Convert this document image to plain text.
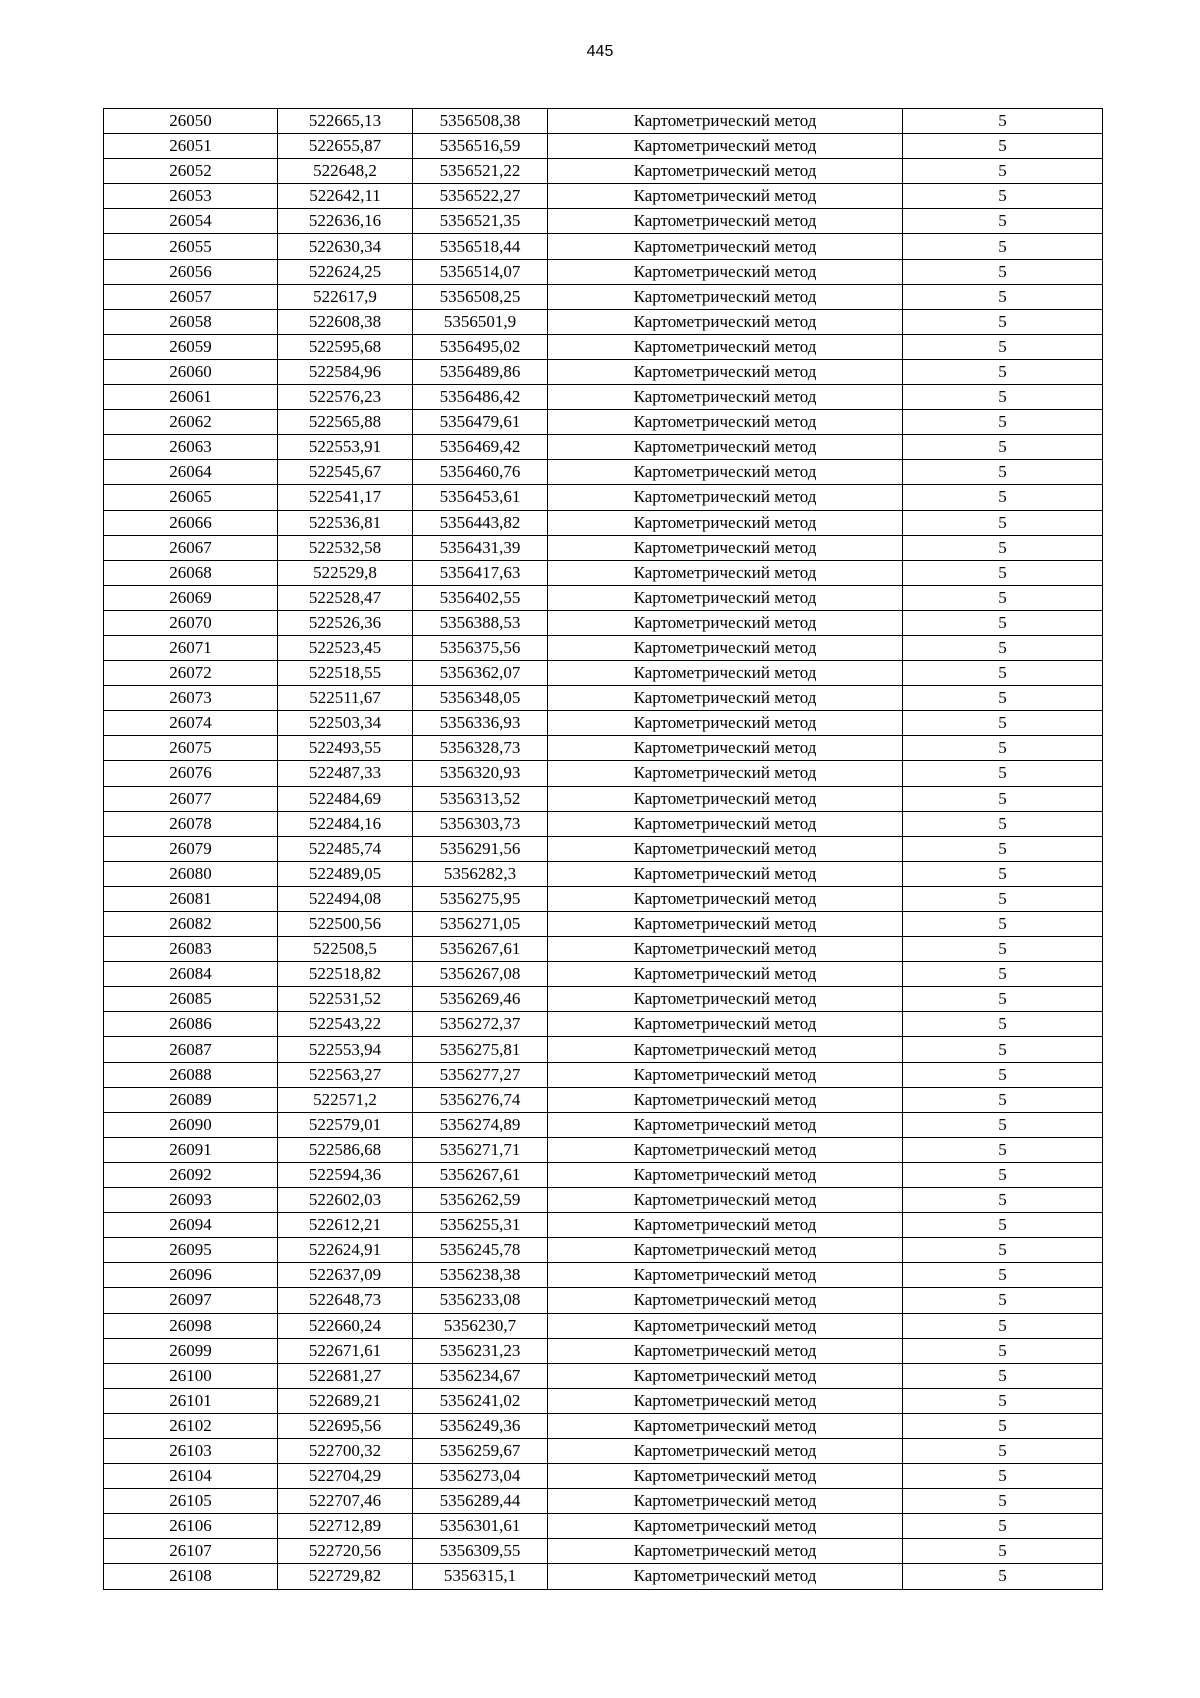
445
26050	522665,13	5356508,38	Картометрический метод	5
26051	522655,87	5356516,59	Картометрический метод	5
26052	522648,2	5356521,22	Картометрический метод	5
26053	522642,11	5356522,27	Картометрический метод	5
26054	522636,16	5356521,35	Картометрический метод	5
26055	522630,34	5356518,44	Картометрический метод	5
26056	522624,25	5356514,07	Картометрический метод	5
26057	522617,9	5356508,25	Картометрический метод	5
26058	522608,38	5356501,9	Картометрический метод	5
26059	522595,68	5356495,02	Картометрический метод	5
26060	522584,96	5356489,86	Картометрический метод	5
26061	522576,23	5356486,42	Картометрический метод	5
26062	522565,88	5356479,61	Картометрический метод	5
26063	522553,91	5356469,42	Картометрический метод	5
26064	522545,67	5356460,76	Картометрический метод	5
26065	522541,17	5356453,61	Картометрический метод	5
26066	522536,81	5356443,82	Картометрический метод	5
26067	522532,58	5356431,39	Картометрический метод	5
26068	522529,8	5356417,63	Картометрический метод	5
26069	522528,47	5356402,55	Картометрический метод	5
26070	522526,36	5356388,53	Картометрический метод	5
26071	522523,45	5356375,56	Картометрический метод	5
26072	522518,55	5356362,07	Картометрический метод	5
26073	522511,67	5356348,05	Картометрический метод	5
26074	522503,34	5356336,93	Картометрический метод	5
26075	522493,55	5356328,73	Картометрический метод	5
26076	522487,33	5356320,93	Картометрический метод	5
26077	522484,69	5356313,52	Картометрический метод	5
26078	522484,16	5356303,73	Картометрический метод	5
26079	522485,74	5356291,56	Картометрический метод	5
26080	522489,05	5356282,3	Картометрический метод	5
26081	522494,08	5356275,95	Картометрический метод	5
26082	522500,56	5356271,05	Картометрический метод	5
26083	522508,5	5356267,61	Картометрический метод	5
26084	522518,82	5356267,08	Картометрический метод	5
26085	522531,52	5356269,46	Картометрический метод	5
26086	522543,22	5356272,37	Картометрический метод	5
26087	522553,94	5356275,81	Картометрический метод	5
26088	522563,27	5356277,27	Картометрический метод	5
26089	522571,2	5356276,74	Картометрический метод	5
26090	522579,01	5356274,89	Картометрический метод	5
26091	522586,68	5356271,71	Картометрический метод	5
26092	522594,36	5356267,61	Картометрический метод	5
26093	522602,03	5356262,59	Картометрический метод	5
26094	522612,21	5356255,31	Картометрический метод	5
26095	522624,91	5356245,78	Картометрический метод	5
26096	522637,09	5356238,38	Картометрический метод	5
26097	522648,73	5356233,08	Картометрический метод	5
26098	522660,24	5356230,7	Картометрический метод	5
26099	522671,61	5356231,23	Картометрический метод	5
26100	522681,27	5356234,67	Картометрический метод	5
26101	522689,21	5356241,02	Картометрический метод	5
26102	522695,56	5356249,36	Картометрический метод	5
26103	522700,32	5356259,67	Картометрический метод	5
26104	522704,29	5356273,04	Картометрический метод	5
26105	522707,46	5356289,44	Картометрический метод	5
26106	522712,89	5356301,61	Картометрический метод	5
26107	522720,56	5356309,55	Картометрический метод	5
26108	522729,82	5356315,1	Картометрический метод	5
